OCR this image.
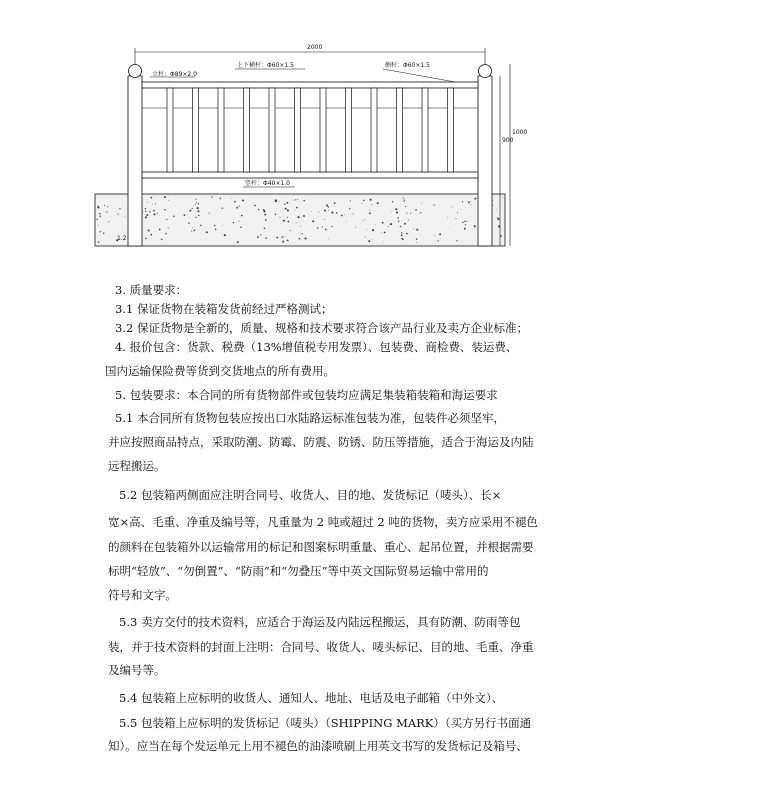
2000
900
1000
立柱：Φ89×2.0
上下横杆：Φ60×1.5	侧杆：Φ60×1.5
竖杆：Φ40×1.0
1.2
3. 质量要求：
3.1 保证货物在装箱发货前经过严格测试；
3.2 保证货物是全新的，质量、规格和技术要求符合该产品行业及卖方企业标准；
4. 报价包含：货款、税费（13%增值税专用发票）、包装费、商检费、装运费、
国内运输保险费等货到交货地点的所有费用。
5. 包装要求：本合同的所有货物部件或包装均应满足集装箱装箱和海运要求
5.1 本合同所有货物包装应按出口水陆路运标准包装为准，包装件必须坚牢，
并应按照商品特点，采取防潮、防霉、防震、防锈、防压等措施，适合于海运及内陆
远程搬运。
5.2 包装箱两侧面应注明合同号、收货人、目的地、发货标记（唛头）、长×
宽×高、毛重、净重及编号等，凡重量为 2 吨或超过 2 吨的货物，卖方应采用不褪色
的颜料在包装箱外以运输常用的标记和图案标明重量、重心、起吊位置，并根据需要
标明“轻放”、“勿倒置”、“防雨”和“勿叠压”等中英文国际贸易运输中常用的
符号和文字。
5.3 卖方交付的技术资料，应适合于海运及内陆远程搬运，具有防潮、防雨等包
装，并于技术资料的封面上注明：合同号、收货人、唛头标记、目的地、毛重、净重
及编号等。
5.4 包装箱上应标明的收货人、通知人、地址、电话及电子邮箱（中外文）、
5.5 包装箱上应标明的发货标记（唛头）（SHIPPING MARK）（买方另行书面通
知）。应当在每个发运单元上用不褪色的油漆喷刷上用英文书写的发货标记及箱号、
